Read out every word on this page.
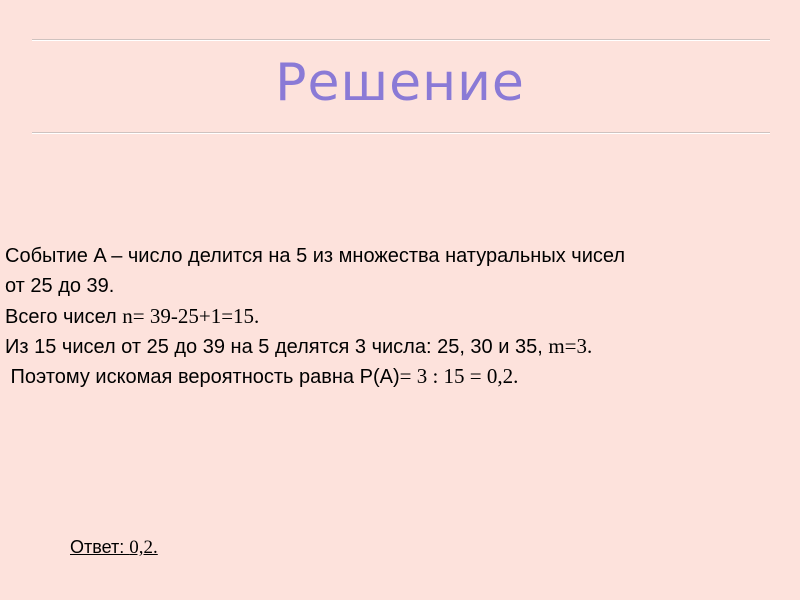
Решение
Событие A – число делится на 5 из множества натуральных чисел
от 25 до 39.
Всего чисел n= 39-25+1=15.
Из 15 чисел от 25 до 39 на 5 делятся 3 числа: 25, 30 и 35, m=3.
Поэтому искомая вероятность равна P(A)= 3 : 15 = 0,2.
Ответ: 0,2.
